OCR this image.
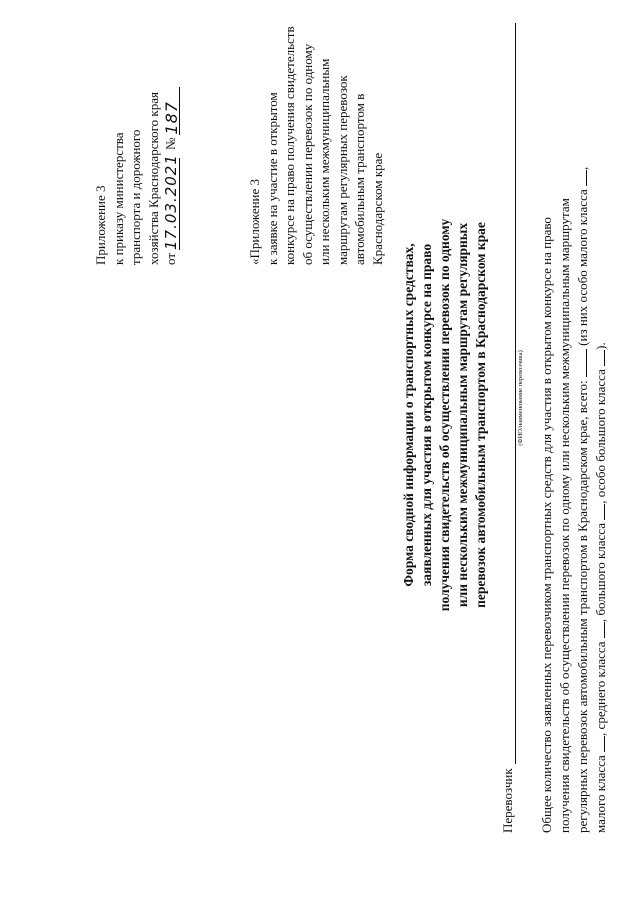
Приложение 3 к приказу министерства транспорта и дорожного хозяйства Краснодарского края от
17.03.2021
№
187
«Приложение 3 к заявке на участие в открытом конкурсе на право получения свидетельств об осуществлении перевозок по одному или нескольким межмуниципальным маршрутам регулярных перевозок автомобильным транспортом в Краснодарском крае
Форма сводной информации о транспортных средствах, заявленных для участия в открытом конкурсе на право получения свидетельств об осуществлении перевозок по одному или нескольким межмуниципальным маршрутам регулярных перевозок автомобильным транспортом в Краснодарском крае
Перевозчик
(ФИО/наименование перевозчика) Общее количество заявленных перевозчиком транспортных средств для участия в открытом конкурсе на право получения свидетельств об осуществлении перевозок по одному или нескольким межмуниципальным маршрутам регулярных перевозок автомобильным транспортом в Краснодарском крае, всего:  (из них особо малого класса ,
малого класса , среднего класса , большого класса , особо большого класса ).
